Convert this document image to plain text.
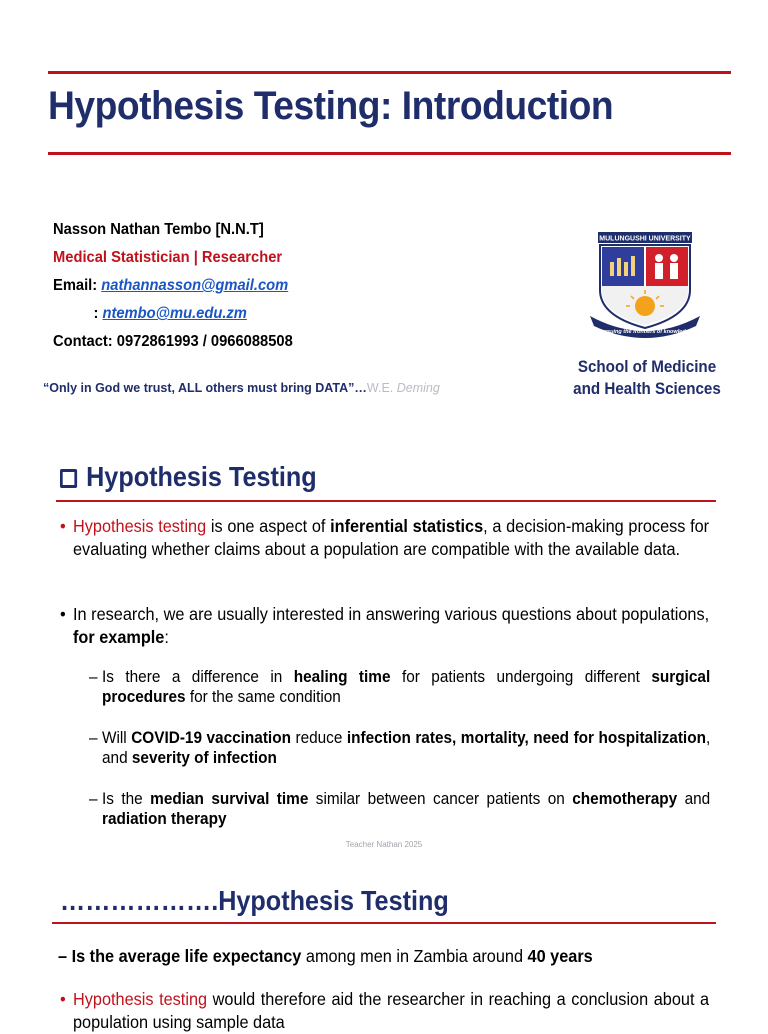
Hypothesis Testing: Introduction
Nasson Nathan Tembo [N.N.T]
Medical Statistician | Researcher
Email: nathannasson@gmail.com
: ntembo@mu.edu.zm
Contact: 0972861993 / 0966088508
“Only in God we trust, ALL others must bring DATA”…W.E. Deming
MULUNGUSHI UNIVERSITY
Pursuing the frontiers of knowledge
School of Medicine
and Health Sciences
Hypothesis Testing
• Hypothesis testing is one aspect of inferential statistics, a decision-making process for evaluating whether claims about a population are compatible with the available data.
• In research, we are usually interested in answering various questions about populations, for example:
– Is there a difference in healing time for patients undergoing different surgical procedures for the same condition
– Will COVID-19 vaccination reduce infection rates, mortality, need for hospitalization, and severity of infection
– Is the median survival time similar between cancer patients on chemotherapy and radiation therapy
Teacher Nathan 2025
……………….Hypothesis Testing
– Is the average life expectancy among men in Zambia around 40 years
• Hypothesis testing would therefore aid the researcher in reaching a conclusion about a population using sample data
